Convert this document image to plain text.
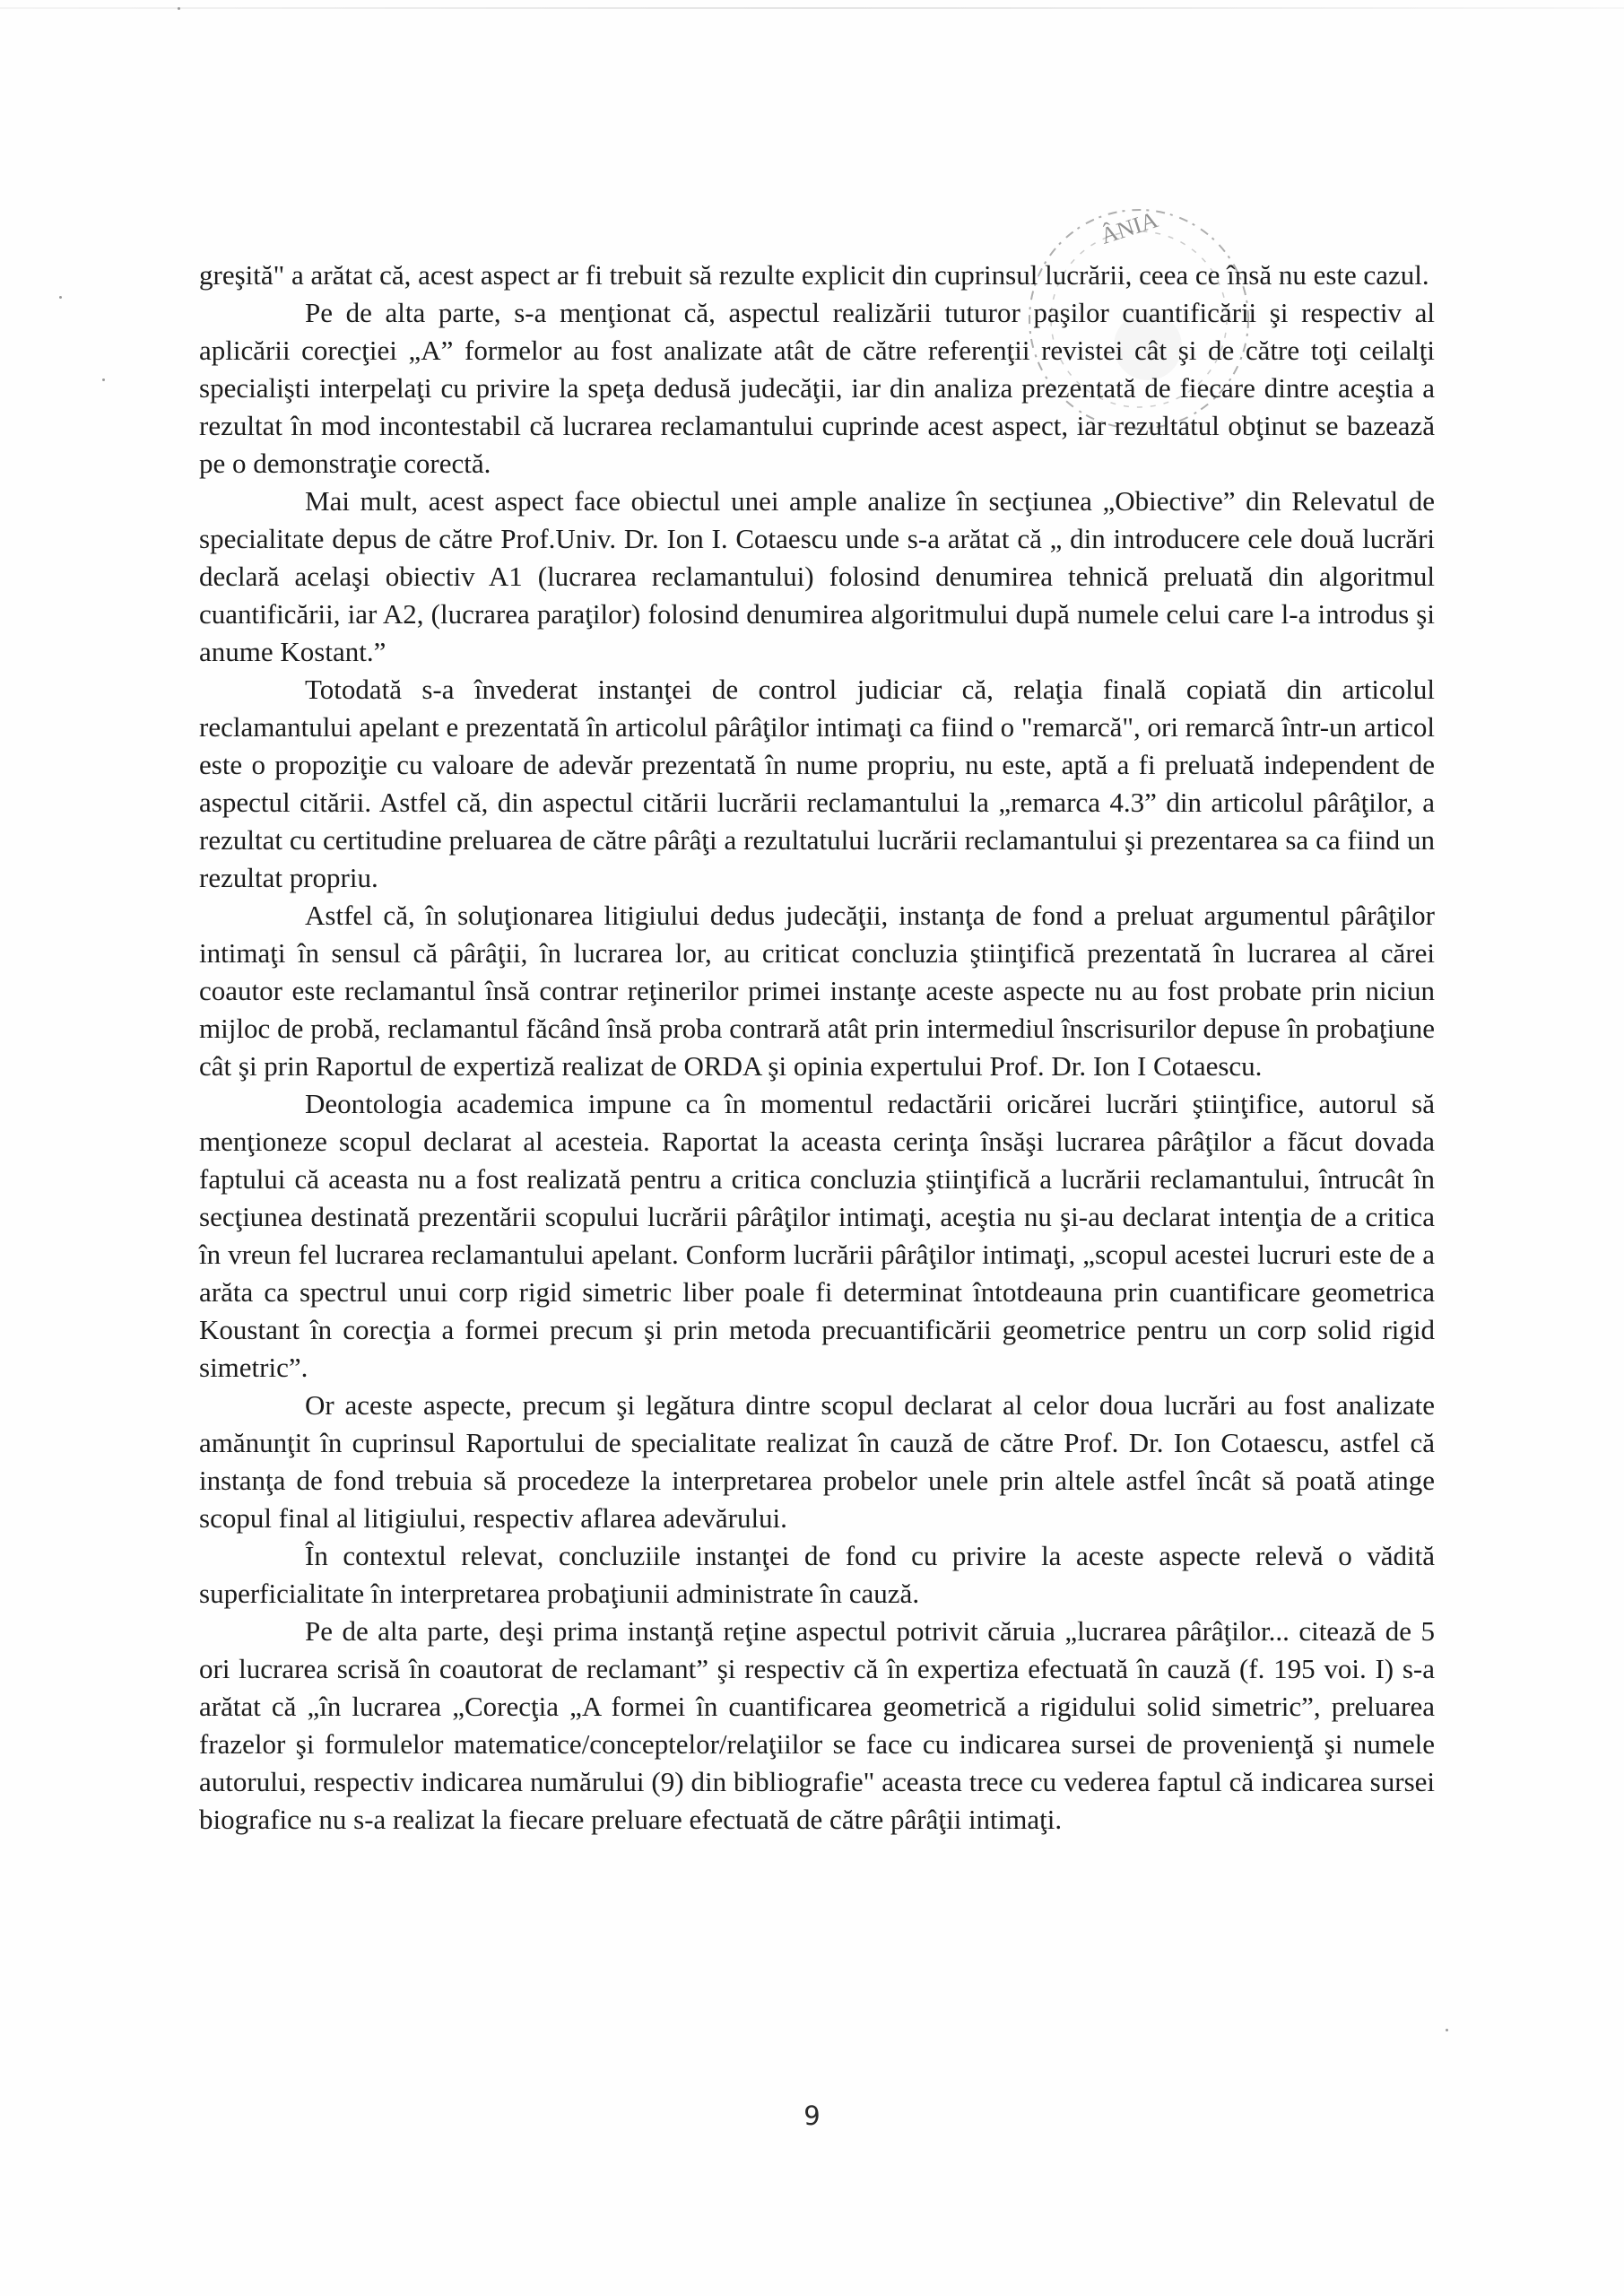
ÂNIA

greşită" a arătat că, acest aspect ar fi trebuit să rezulte explicit din cuprinsul lucrării, ceea ce însă nu este cazul.

Pe de alta parte, s-a menţionat că, aspectul realizării tuturor paşilor cuantificării şi respectiv al aplicării corecţiei „A” formelor au fost analizate atât de către referenţii revistei cât şi de către toţi ceilalţi specialişti interpelaţi cu privire la speţa dedusă judecăţii, iar din analiza prezentată de fiecare dintre aceştia a rezultat în mod incontestabil că lucrarea reclamantului cuprinde acest aspect, iar rezultatul obţinut se bazează pe o demonstraţie corectă.

Mai mult, acest aspect face obiectul unei ample analize în secţiunea „Obiective” din Relevatul de specialitate depus de către Prof.Univ. Dr. Ion I. Cotaescu unde s-a arătat că „ din introducere cele două lucrări declară acelaşi obiectiv A1 (lucrarea reclamantului) folosind denumirea tehnică preluată din algoritmul cuantificării, iar A2, (lucrarea paraţilor) folosind denumirea algoritmului după numele celui care l-a introdus şi anume Kostant.”

Totodată s-a învederat instanţei de control judiciar că, relaţia finală copiată din articolul reclamantului apelant e prezentată în articolul pârâţilor intimaţi ca fiind o "remarcă", ori remarcă într-un articol este o propoziţie cu valoare de adevăr prezentată în nume propriu, nu este, aptă a fi preluată independent de aspectul citării. Astfel că, din aspectul citării lucrării reclamantului la „remarca 4.3” din articolul pârâţilor, a rezultat cu certitudine preluarea de către pârâţi a rezultatului lucrării reclamantului şi prezentarea sa ca fiind un rezultat propriu.

Astfel că, în soluţionarea litigiului dedus judecăţii, instanţa de fond a preluat argumentul pârâţilor intimaţi în sensul că pârâţii, în lucrarea lor, au criticat concluzia ştiinţifică prezentată în lucrarea al cărei coautor este reclamantul însă contrar reţinerilor primei instanţe aceste aspecte nu au fost probate prin niciun mijloc de probă, reclamantul făcând însă proba contrară atât prin intermediul înscrisurilor depuse în probaţiune cât şi prin Raportul de expertiză realizat de ORDA şi opinia expertului Prof. Dr. Ion I Cotaescu.

Deontologia academica impune ca în momentul redactării oricărei lucrări ştiinţifice, autorul să menţioneze scopul declarat al acesteia. Raportat la aceasta cerinţa însăşi lucrarea pârâţilor a făcut dovada faptului că aceasta nu a fost realizată pentru a critica concluzia ştiinţifică a lucrării reclamantului, întrucât în secţiunea destinată prezentării scopului lucrării pârâţilor intimaţi, aceştia nu şi-au declarat intenţia de a critica în vreun fel lucrarea reclamantului apelant. Conform lucrării pârâţilor intimaţi, „scopul acestei lucruri este de a arăta ca spectrul unui corp rigid simetric liber poale fi determinat întotdeauna prin cuantificare geometrica Koustant în corecţia a formei precum şi prin metoda precuantificării geometrice pentru un corp solid rigid simetric”.

Or aceste aspecte, precum şi legătura dintre scopul declarat al celor doua lucrări au fost analizate amănunţit în cuprinsul Raportului de specialitate realizat în cauză de către Prof. Dr. Ion Cotaescu, astfel că instanţa de fond trebuia să procedeze la interpretarea probelor unele prin altele astfel încât să poată atinge scopul final al litigiului, respectiv aflarea adevărului.

În contextul relevat, concluziile instanţei de fond cu privire la aceste aspecte relevă o vădită superficialitate în interpretarea probaţiunii administrate în cauză.

Pe de alta parte, deşi prima instanţă reţine aspectul potrivit căruia „lucrarea pârâţilor... citează de 5 ori lucrarea scrisă în coautorat de reclamant” şi respectiv că în expertiza efectuată în cauză (f. 195 voi. I) s-a arătat că „în lucrarea „Corecţia „A formei în cuantificarea geometrică a rigidului solid simetric”, preluarea frazelor şi formulelor matematice/conceptelor/relaţiilor se face cu indicarea sursei de provenienţă şi numele autorului, respectiv indicarea numărului (9) din bibliografie" aceasta trece cu vederea faptul că indicarea sursei biografice nu s-a realizat la fiecare preluare efectuată de către pârâţii intimaţi.

9
